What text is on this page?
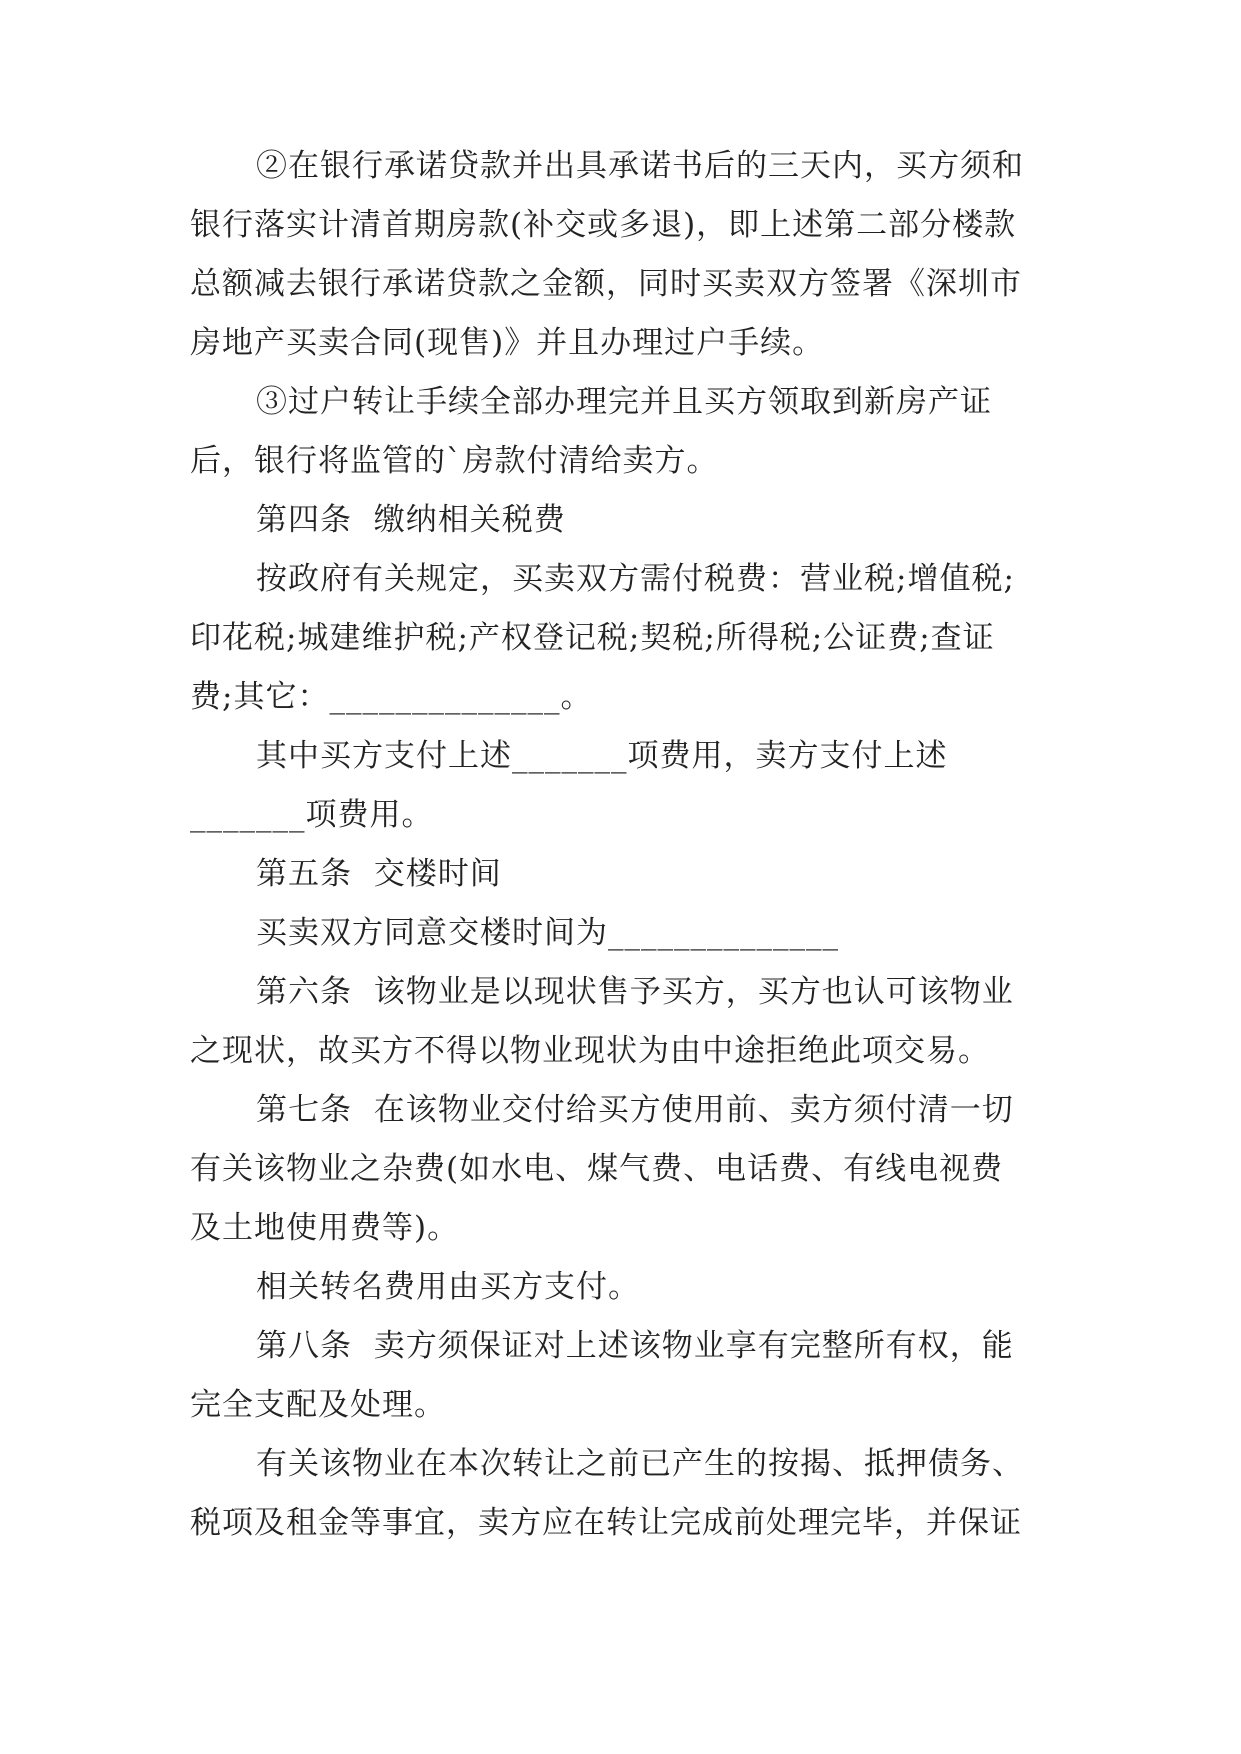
②在银行承诺贷款并出具承诺书后的三天内，买方须和
银行落实计清首期房款(补交或多退)，即上述第二部分楼款
总额减去银行承诺贷款之金额，同时买卖双方签署《深圳市
房地产买卖合同(现售)》并且办理过户手续。
③过户转让手续全部办理完并且买方领取到新房产证
后，银行将监管的`房款付清给卖方。
第四条  缴纳相关税费
按政府有关规定，买卖双方需付税费：营业税;增值税;
印花税;城建维护税;产权登记税;契税;所得税;公证费;查证
费;其它：______________。
其中买方支付上述_______项费用，卖方支付上述
_______项费用。
第五条  交楼时间
买卖双方同意交楼时间为______________
第六条  该物业是以现状售予买方，买方也认可该物业
之现状，故买方不得以物业现状为由中途拒绝此项交易。
第七条  在该物业交付给买方使用前、卖方须付清一切
有关该物业之杂费(如水电、煤气费、电话费、有线电视费
及土地使用费等)。
相关转名费用由买方支付。
第八条  卖方须保证对上述该物业享有完整所有权，能
完全支配及处理。
有关该物业在本次转让之前已产生的按揭、抵押债务、
税项及租金等事宜，卖方应在转让完成前处理完毕，并保证
